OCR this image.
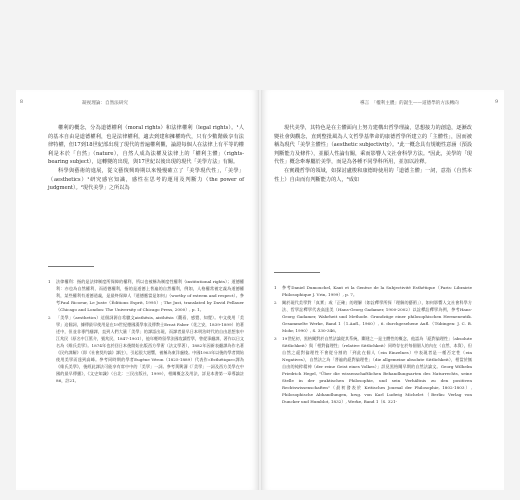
8	凝视理論：自然法研究

權利的概念，分為道德權利（moral rights）和法律權利（legal rights）。¹人的基本自由是道德權利，也是法律權利，適去到建和擁權時代，只有少數階級享有法律特權，但17到18世紀部出現了現代的普遍權利觀，論證每個人在法律上有平等的權利是本於「自然」（nature），自然人成為法權及法律上的「權利主體」（rights-bearing subject），這轉變的出現，與17世紀以後出現的現代「美學方法」有關。

科學與藝術的進展，從文藝復興時期以來慢慢確立了「美學現代性」，「美學」（aesthetics）¹研究感官知識，感性在思考的運用及判斷力（the power of judgment）。²現代美學」之所以為

1	法律權利：指的是法律制度所保障的權利，所以也被稱為制度性權利（institutional rights）；道德權利：亦也為自然權利，而道德權利，指的是道德上普遍的自然權利，例如，人格權常被定義為道德權利，某些權利有道德道義，是最終保障人『道德應當是如何』（worthy of esteem and respect）。參考Paul Ricoeur, Le Juste（Éditions Esprit, 1995）; The Just, translated by David Pellauer（Chicago and London: The University of Chicago Press, 2000）, p. 1。
2	「美學」（aesthetics）這個詞源自希臘文aisthēsis, aisthēsis（觀看、感覺、知覺）。中文使用「美學」這個詞，據傳最早使用是在19世紀德國漢學家及傳教士Ernst Faber（花之安，1839-1899）的著述中，但並非專門翻譯，直到人們大量「美學」的譯語出現，而譯者最早日本明治時代的自由思想家中江兆民（原名中江篤介，號兆民，1847-1901），他年輕時留學法國攻讀哲學，曾從事翻譯，著作以日文名為《維氏美學》。1874年也於回日本後開始出版西方學術（法文學著），1882年因新表翻譯為作名著《民約譯解》（即《社會契約論》譯注），引起很大迴響，被稱為東洋盧梭。中國1903年以後的學者開始使用美學而達到高峰。參考同時期的學者Eugène Véron（1825-1889）代表作«Esthétique»譯為《維氏美學》，後經此譯法可能享有席中中的「美學」一詞。參考黃興濤《「美學」一詞及西方美學在中國的最早傳播》，《文史知識》（台北：三民出版社，1999），相關概念及用法，詳見本書第一章導論註86，註21。
導言　「權利主體」的誕生——道德學的方法轉向	9

現代美學，其特色是在主體面向上努力建構出哲學理論，思想接力的創造，逐漸改變社會與觀念，直到整批風為人文哲學基準命的康德哲學所建立的「主體性」，因而被稱為現代「美學主體性」（aesthetic subjectivity）。¹此一概念具有規範性意涵（預設判斷能力及條件），並顯人性論有關，乘而影響人文社會科學方法。²因此，美學的「現代性」概念牽專屬於美學，而是為各種不同學科所用，並加以詮釋。

在實踐哲學的領域，如探討盧梭和康德時使用的「道德主體」一詞，意指（自然本性上）自由而有判斷能力的人，³成如

1	參考Daniel Dumouchel, Kant et la Genèse de la Subjectivité Esthétique（Paris: Librairie Philosophique J. Vrin, 1999）, p. 7。
2	關於現代美學對「真實」或「正確」的理解（如詮釋學所探「理解的藝術」），如何影響人文社會科學方法、哲學詮釋學代表高達美（Hans-Georg Gadamer, 1900-2002）以詮釋詮釋學為例，參考Hans-Georg Gadamer, Wahrheit und Methode. Grundzüge einer philosophischen Hermeneutik. Gesammelte Werke, Band 1（1.Aufl., 1960）, 6. durchgesehene Aufl.（Tübingen: J. C. B. Mohr, 1990）, S. 330-346。
3	19世紀初，黑格爾對於自然法論從其系統，闡建之一是主體性的概念，他認為「絕對倫理性」（absolute Sittlichkeit）與「相對倫理性」（relative Sittlichkeit）同時存在於每個個人的內在（自然、本質），但自然之絕對倫理性不會從分割的「到此在個人（ein Einzelnes）中表現者是一種否定性（ein Negatives），自然法之為「普遍的絕對倫理性」（die allgemeine absolute Sittlichkeit），相當於無自由的純粹精神（der reine Geist eines Volkes）」詳見黑格爾早期的自然法論文。Georg Wilhelm Friedrich Hegel, "Über die wissenschaftlichen Behandlungsarten des Naturrechts, seine Stelle in der praktischen Philosophie, und sein Verhältnis zu den positiven Rechtswissenschaften"（最初發表於 Kritisches Journal der Philosophie, 1802-1803）, Philosophische Abhandlungen, hrsg. von Karl Ludwig Michelet（Berlin: Verlag von Duncker und Humblot, 1832）, Werke, Band 1（S. 321-
